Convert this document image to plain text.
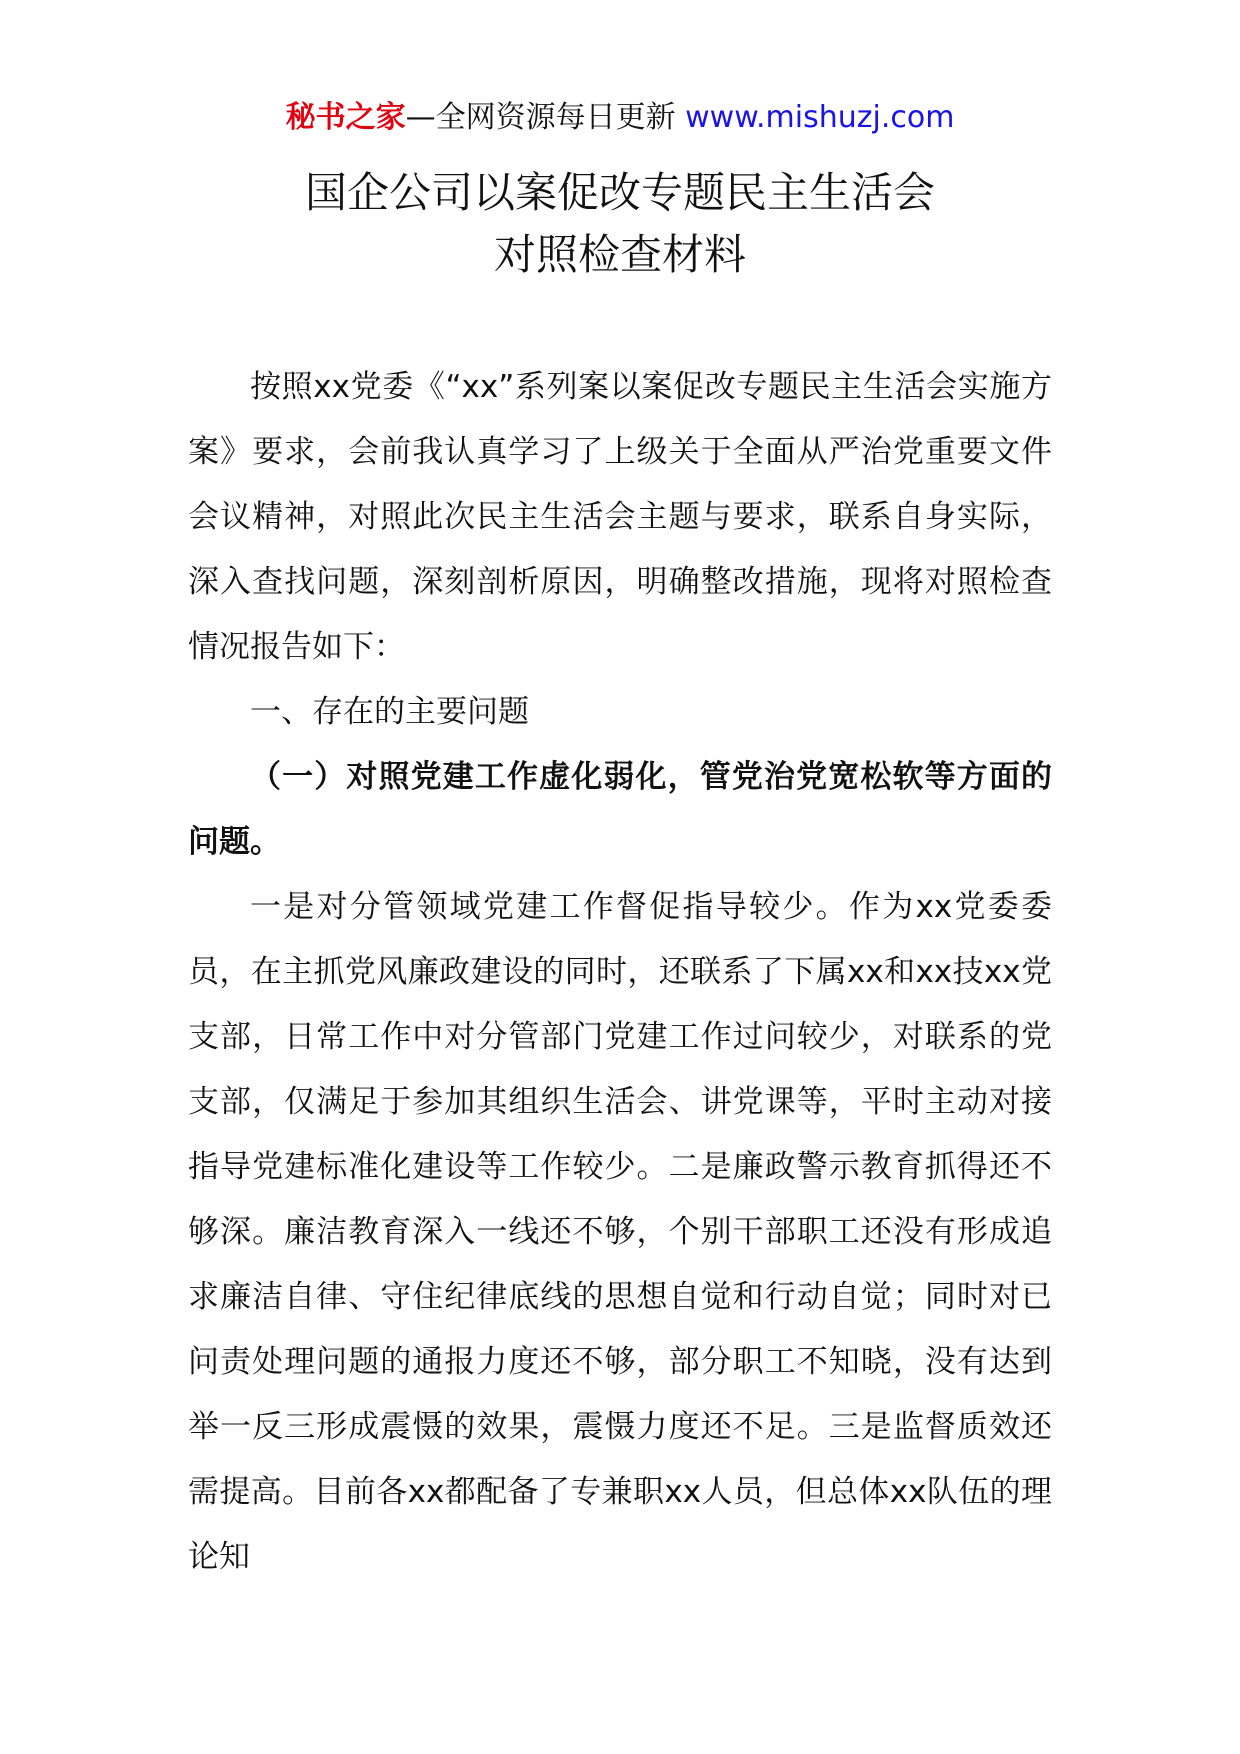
秘书之家—全网资源每日更新 www.mishuzj.com
国企公司以案促改专题民主生活会
对照检查材料

按照xx党委《“xx”系列案以案促改专题民主生活会实施方案》要求，会前我认真学习了上级关于全面从严治党重要文件会议精神，对照此次民主生活会主题与要求，联系自身实际，深入查找问题，深刻剖析原因，明确整改措施，现将对照检查情况报告如下：

一、存在的主要问题

（一）对照党建工作虚化弱化，管党治党宽松软等方面的问题。

一是对分管领域党建工作督促指导较少。作为xx党委委员，在主抓党风廉政建设的同时，还联系了下属xx和xx技xx党支部，日常工作中对分管部门党建工作过问较少，对联系的党支部，仅满足于参加其组织生活会、讲党课等，平时主动对接指导党建标准化建设等工作较少。二是廉政警示教育抓得还不够深。廉洁教育深入一线还不够，个别干部职工还没有形成追求廉洁自律、守住纪律底线的思想自觉和行动自觉；同时对已问责处理问题的通报力度还不够，部分职工不知晓，没有达到举一反三形成震慑的效果，震慑力度还不足。三是监督质效还需提高。目前各xx都配备了专兼职xx人员，但总体xx队伍的理论知
